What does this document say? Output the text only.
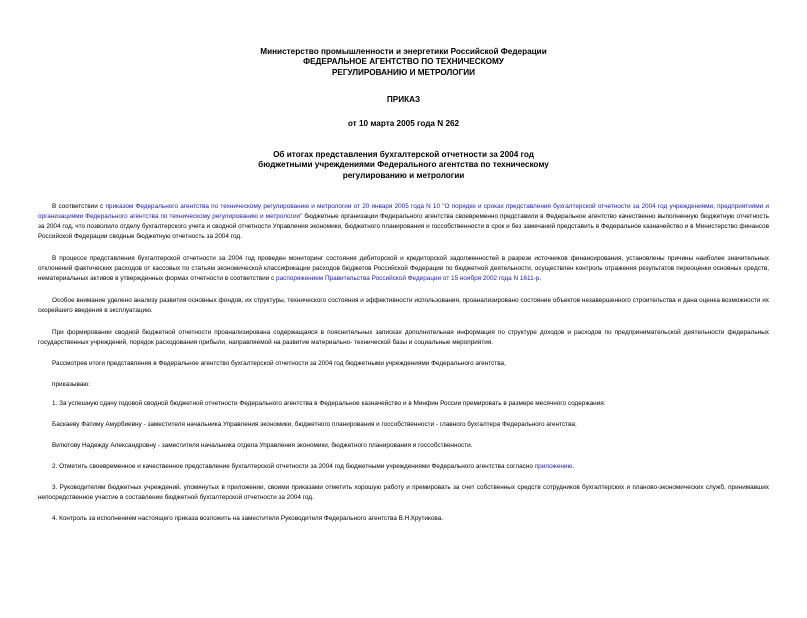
Министерство промышленности и энергетики Российской Федерации
ФЕДЕРАЛЬНОЕ АГЕНТСТВО ПО ТЕХНИЧЕСКОМУ
РЕГУЛИРОВАНИЮ И МЕТРОЛОГИИ
ПРИКАЗ
от 10 марта 2005 года N 262
Об итогах представления бухгалтерской отчетности за 2004 год
бюджетными учреждениями Федерального агентства по техническому
регулированию и метрологии

В соответствии с приказом Федерального агентства по техническому регулированию и метрологии от 20 января 2005 года N 10 "О порядке и сроках представления бухгалтерской отчетности за 2004 год учреждениями, предприятиями и организациями Федерального агентства по техническому регулированию и метрологии" бюджетные организации Федерального агентства своевременно представили в Федеральное агентство качественно выполненную бюджетную отчетность за 2004 год, что позволило отделу бухгалтерского учета и сводной отчетности Управления экономики, бюджетного планирования и госсобственности в срок и без замечаний представить в Федеральное казначейство и в Министерство финансов Российской Федерации сводные бюджетную отчетность за 2004 год.

В процессе представления бухгалтерской отчетности за 2004 год проведен мониторинг состояния дебиторской и кредиторской задолженностей в разрезе источников финансирования, установлены причины наиболее значительных отклонений фактических расходов от кассовых по статьям экономической классификации расходов бюджетов Российской Федерации по бюджетной деятельности, осуществлен контроль отражения результатов переоценки основных средств, нематериальных активов в утвержденных формах отчетности в соответствии с распоряжением Правительства Российской Федерации от 15 ноября 2002 года N 1611-р.

Особое внимание уделено анализу развития основных фондов, их структуры, технического состояния и эффективности использования, проанализировано состояние объектов незавершенного строительства и дана оценка возможности их скорейшего введения в эксплуатацию.

При формировании сводной бюджетной отчетности проанализирована содержащаяся в пояснительных записках дополнительная информация по структуре доходов и расходов по предпринимательской деятельности федеральных государственных учреждений, порядок расходования прибыли, направляемой на развитие материально- технической базы и социальные мероприятия.

Рассмотрев итоги представления в Федеральное агентство бухгалтерской отчетности за 2004 год бюджетными учреждениями Федерального агентства,

приказываю:

1. За успешную сдачу годовой сводной бюджетной отчетности Федерального агентства в Федеральное казначейство и в Минфин России премировать в размере месячного содержания:

Баскаеву Фатиму Амурбиевну - заместителя начальника Управления экономики, бюджетного планирования и госсобственности - главного бухгалтера Федерального агентства;

Витютову Надежду Александровну - заместителя начальника отдела Управления экономики, бюджетного планирования и госсобственности.

2. Отметить своевременное и качественное представление бухгалтерской отчетности за 2004 год бюджетными учреждениями Федерального агентства согласно приложению.

3. Руководителям бюджетных учреждений, упомянутых в приложении, своими приказами отметить хорошую работу и премировать за счет собственных средств сотрудников бухгалтерских и планово-экономических служб, принимавших непосредственное участие в составлении бюджетной бухгалтерской отчетности за 2004 год.

4. Контроль за исполнением настоящего приказа возложить на заместителя Руководителя Федерального агентства В.Н.Крутикова.
